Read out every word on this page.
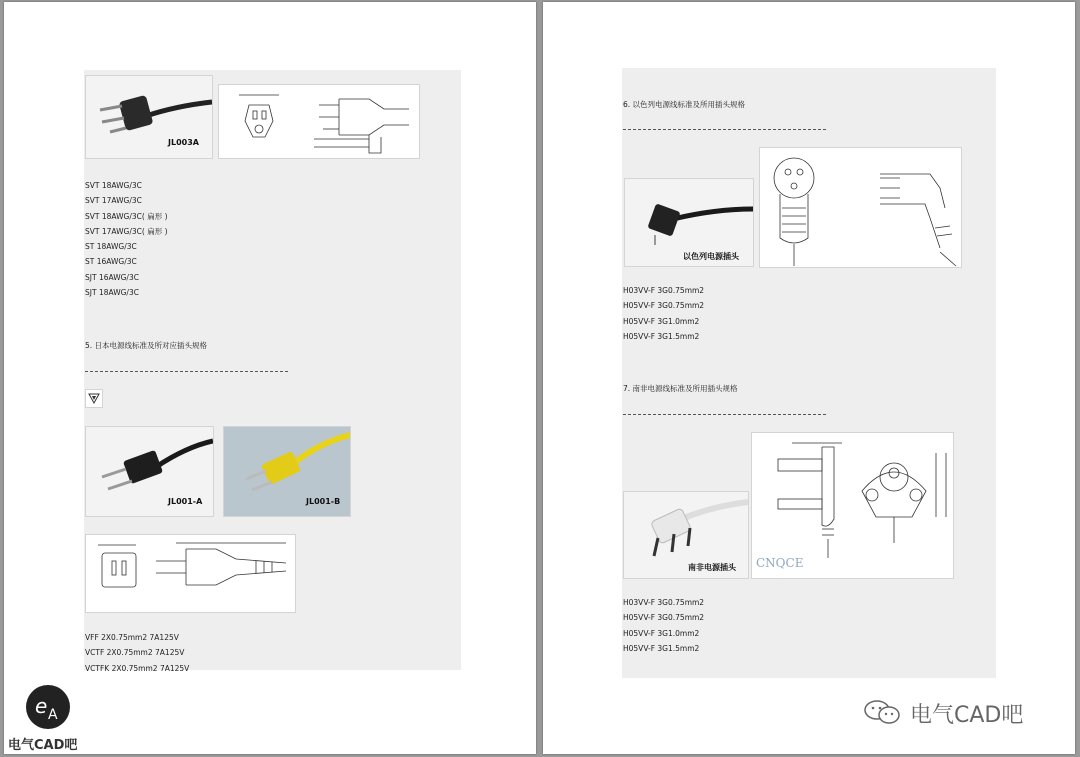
JL003A
SVT 18AWG/3C
SVT 17AWG/3C
SVT 18AWG/3C( 扁形 )
SVT 17AWG/3C( 扁形 )
ST 18AWG/3C
ST 16AWG/3C
SJT 16AWG/3C
SJT 18AWG/3C
5. 日本电源线标准及所对应插头规格
JL001-A	JL001-B
VFF 2X0.75mm2 7A125V
VCTF 2X0.75mm2 7A125V
VCTFK 2X0.75mm2 7A125V
e A
电气CAD吧
6. 以色列电源线标准及所用插头规格
以色列电源插头
H03VV-F 3G0.75mm2
H05VV-F 3G0.75mm2
H05VV-F 3G1.0mm2
H05VV-F 3G1.5mm2
7. 南非电源线标准及所用插头规格
南非电源插头 CNQCE
H03VV-F 3G0.75mm2
H05VV-F 3G0.75mm2
H05VV-F 3G1.0mm2
H05VV-F 3G1.5mm2
电气CAD吧
